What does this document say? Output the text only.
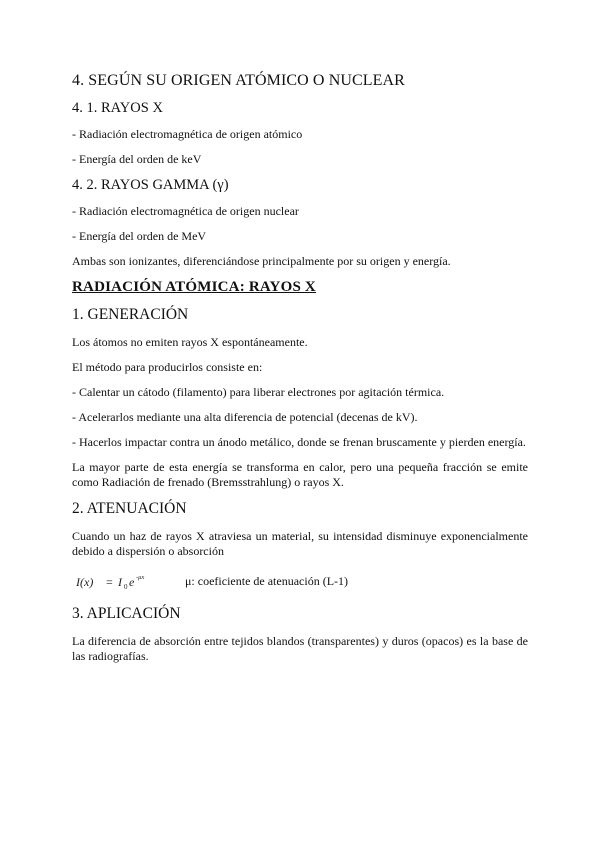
4. SEGÚN SU ORIGEN ATÓMICO O NUCLEAR
4. 1. RAYOS X
- Radiación electromagnética de origen atómico
- Energía del orden de keV
4. 2. RAYOS GAMMA (γ)
- Radiación electromagnética de origen nuclear
- Energía del orden de MeV
Ambas son ionizantes, diferenciándose principalmente por su origen y energía.
RADIACIÓN ATÓMICA: RAYOS X
1. GENERACIÓN
Los átomos no emiten rayos X espontáneamente.
El método para producirlos consiste en:
- Calentar un cátodo (filamento) para liberar electrones por agitación térmica.
- Acelerarlos mediante una alta diferencia de potencial (decenas de kV).
- Hacerlos impactar contra un ánodo metálico, donde se frenan bruscamente y pierden energía.
La mayor parte de esta energía se transforma en calor, pero una pequeña fracción se emite como Radiación de frenado (Bremsstrahlung) o rayos X.
2. ATENUACIÓN
Cuando un haz de rayos X atraviesa un material, su intensidad disminuye exponencialmente debido a dispersión o absorción
I(x) = I 0 e -μx	μ: coeficiente de atenuación (L-1)
3. APLICACIÓN
La diferencia de absorción entre tejidos blandos (transparentes) y duros (opacos) es la base de las radiografías.
